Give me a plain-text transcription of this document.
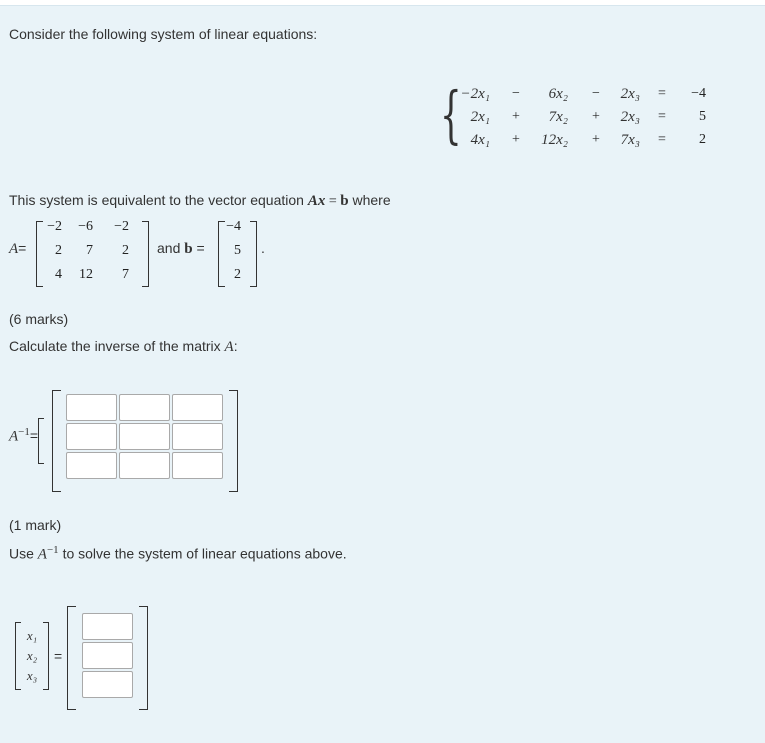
Consider the following system of linear equations:
{
This system is equivalent to the vector equation Ax = b where
A=	and b =	.
(6 marks)
Calculate the inverse of the matrix A:
$A^{-1}=$
(1 mark)
Use $A^{-1}$ to solve the system of linear equations above.
=
−2x₁ − 6x₂ − 2x₃ = −4
2x₁ + 7x₂ + 2x₃ = 5
4x₁ + 12x₂ + 7x₃ = 2
−2 −6 −2
2 7 2
4 12 7
−4
5
2
x₁
x₂
x₃
